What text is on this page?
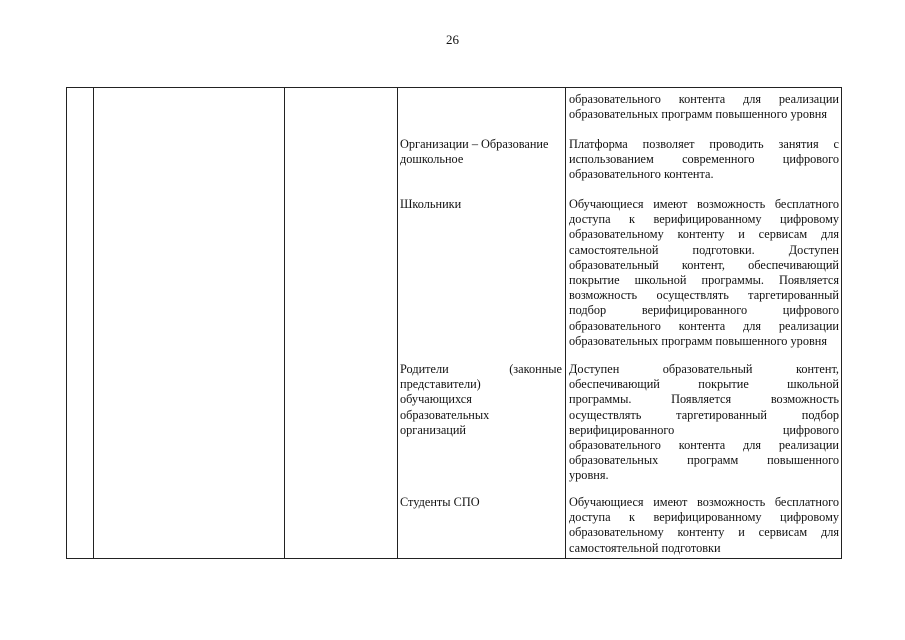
26
образовательного контента для реализации
образовательных программ повышенного уровня
Организации – Образование
дошкольное
Платформа позволяет проводить занятия с
использованием современного цифрового
образовательного контента.
Школьники	Обучающиеся имеют возможность бесплатного
доступа к верифицированному цифровому
образовательному контенту и сервисам для
самостоятельной подготовки. Доступен
образовательный контент, обеспечивающий
покрытие школьной программы. Появляется
возможность осуществлять таргетированный
подбор верифицированного цифрового
образовательного контента для реализации
образовательных программ повышенного уровня
Родители (законные
представители)
обучающихся
образовательных
организаций
Доступен образовательный контент,
обеспечивающий покрытие школьной
программы. Появляется возможность
осуществлять таргетированный подбор
верифицированного цифрового
образовательного контента для реализации
образовательных программ повышенного
уровня.
Студенты СПО	Обучающиеся имеют возможность бесплатного
доступа к верифицированному цифровому
образовательному контенту и сервисам для
самостоятельной подготовки
